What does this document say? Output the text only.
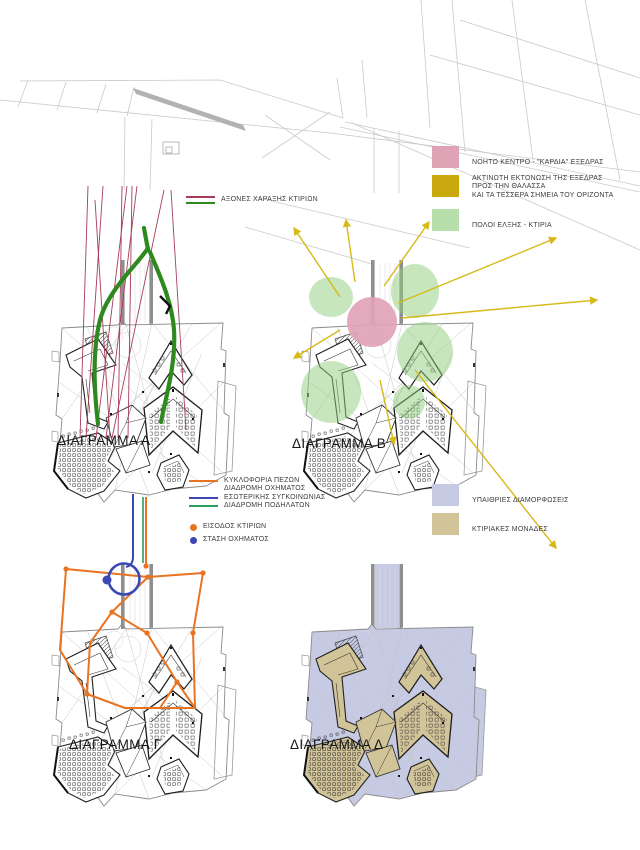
ΑΞΟΝΕΣ ΧΑΡΑΞΗΣ ΚΤΙΡΙΩΝ
ΝΟΗΤΟ ΚΕΝΤΡΟ - "ΚΑΡΔΙΑ" ΕΞΕΔΡΑΣ
ΑΚΤΙΝΩΤΗ ΕΚΤΟΝΩΣΗ ΤΗΣ ΕΞΕΔΡΑΣ
ΠΡΟΣ ΤΗΝ ΘΑΛΑΣΣΑ
ΚΑΙ ΤΑ ΤΕΣΣΕΡΑ ΣΗΜΕΙΑ ΤΟΥ ΟΡΙΖΟΝΤΑ
ΠΟΛΟΙ ΕΛΞΗΣ - ΚΤΙΡΙΑ
ΚΥΚΛΟΦΟΡΙΑ ΠΕΖΩΝ
ΔΙΑΔΡΟΜΗ ΟΧΗΜΑΤΟΣ
ΕΣΩΤΕΡΙΚΗΣ ΣΥΓΚΟΙΝΩΝΙΑΣ
ΔΙΑΔΡΟΜΗ ΠΟΔΗΛΑΤΩΝ
ΕΙΣΟΔΟΣ ΚΤΙΡΙΩΝ
ΣΤΑΣΗ ΟΧΗΜΑΤΟΣ
ΥΠΑΙΘΡΙΕΣ ΔΙΑΜΟΡΦΩΣΕΙΣ
ΚΤΙΡΙΑΚΕΣ ΜΟΝΑΔΕΣ
ΔΙΑΓΡΑΜΜΑ Α	ΔΙΑΓΡΑΜΜΑ Β
ΔΙΑΓΡΑΜΜΑ Γ	ΔΙΑΓΡΑΜΜΑ Δ
